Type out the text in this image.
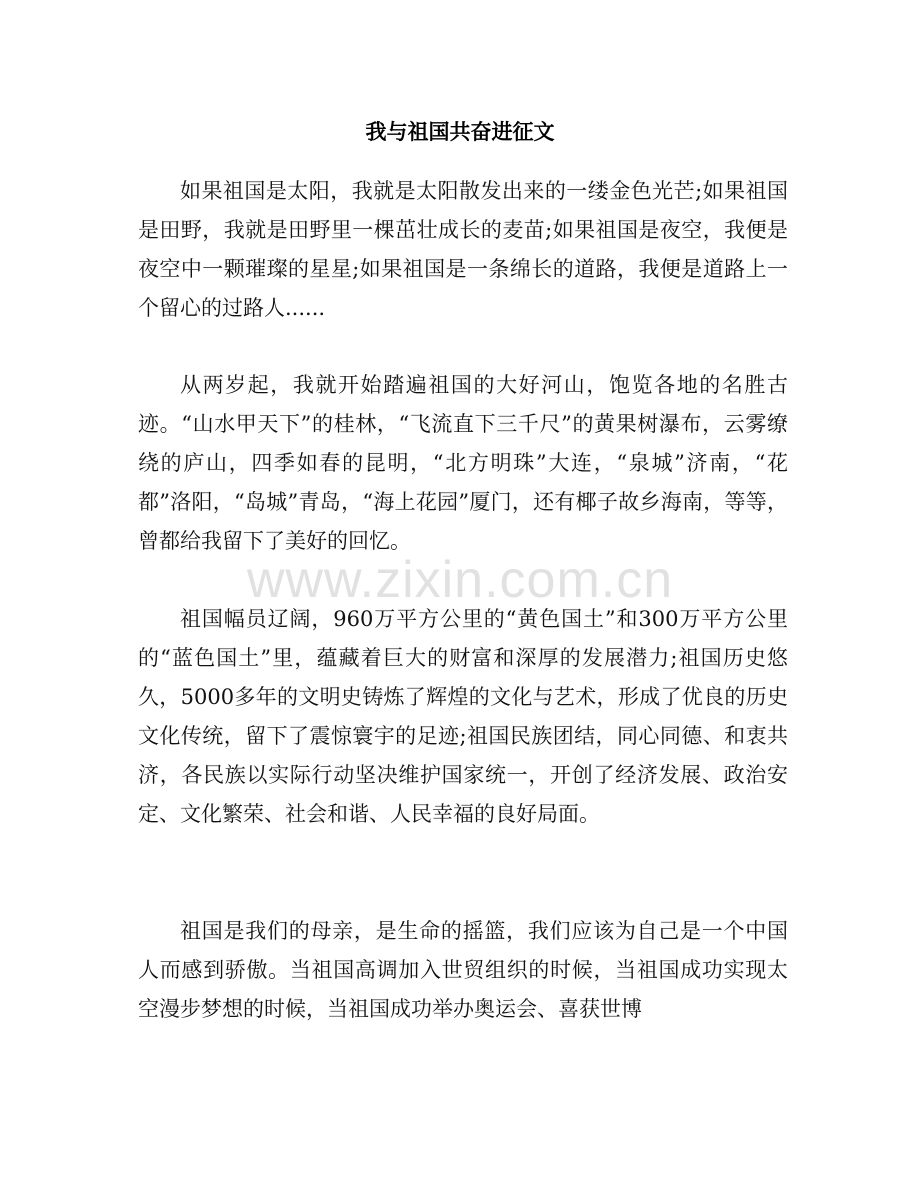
我与祖国共奋进征文

如果祖国是太阳，我就是太阳散发出来的一缕金色光芒;如果祖国是田野，我就是田野里一棵茁壮成长的麦苗;如果祖国是夜空，我便是夜空中一颗璀璨的星星;如果祖国是一条绵长的道路，我便是道路上一个留心的过路人......

从两岁起，我就开始踏遍祖国的大好河山，饱览各地的名胜古迹。“山水甲天下”的桂林，“飞流直下三千尺”的黄果树瀑布，云雾缭绕的庐山，四季如春的昆明，“北方明珠”大连，“泉城”济南，“花都”洛阳，“岛城”青岛，“海上花园”厦门，还有椰子故乡海南，等等，曾都给我留下了美好的回忆。

祖国幅员辽阔，960万平方公里的“黄色国土”和300万平方公里的“蓝色国土”里，蕴藏着巨大的财富和深厚的发展潜力;祖国历史悠久，5000多年的文明史铸炼了辉煌的文化与艺术，形成了优良的历史文化传统，留下了震惊寰宇的足迹;祖国民族团结，同心同德、和衷共济，各民族以实际行动坚决维护国家统一，开创了经济发展、政治安定、文化繁荣、社会和谐、人民幸福的良好局面。

祖国是我们的母亲，是生命的摇篮，我们应该为自己是一个中国人而感到骄傲。当祖国高调加入世贸组织的时候，当祖国成功实现太空漫步梦想的时候，当祖国成功举办奥运会、喜获世博

www.zixin.com.cn
